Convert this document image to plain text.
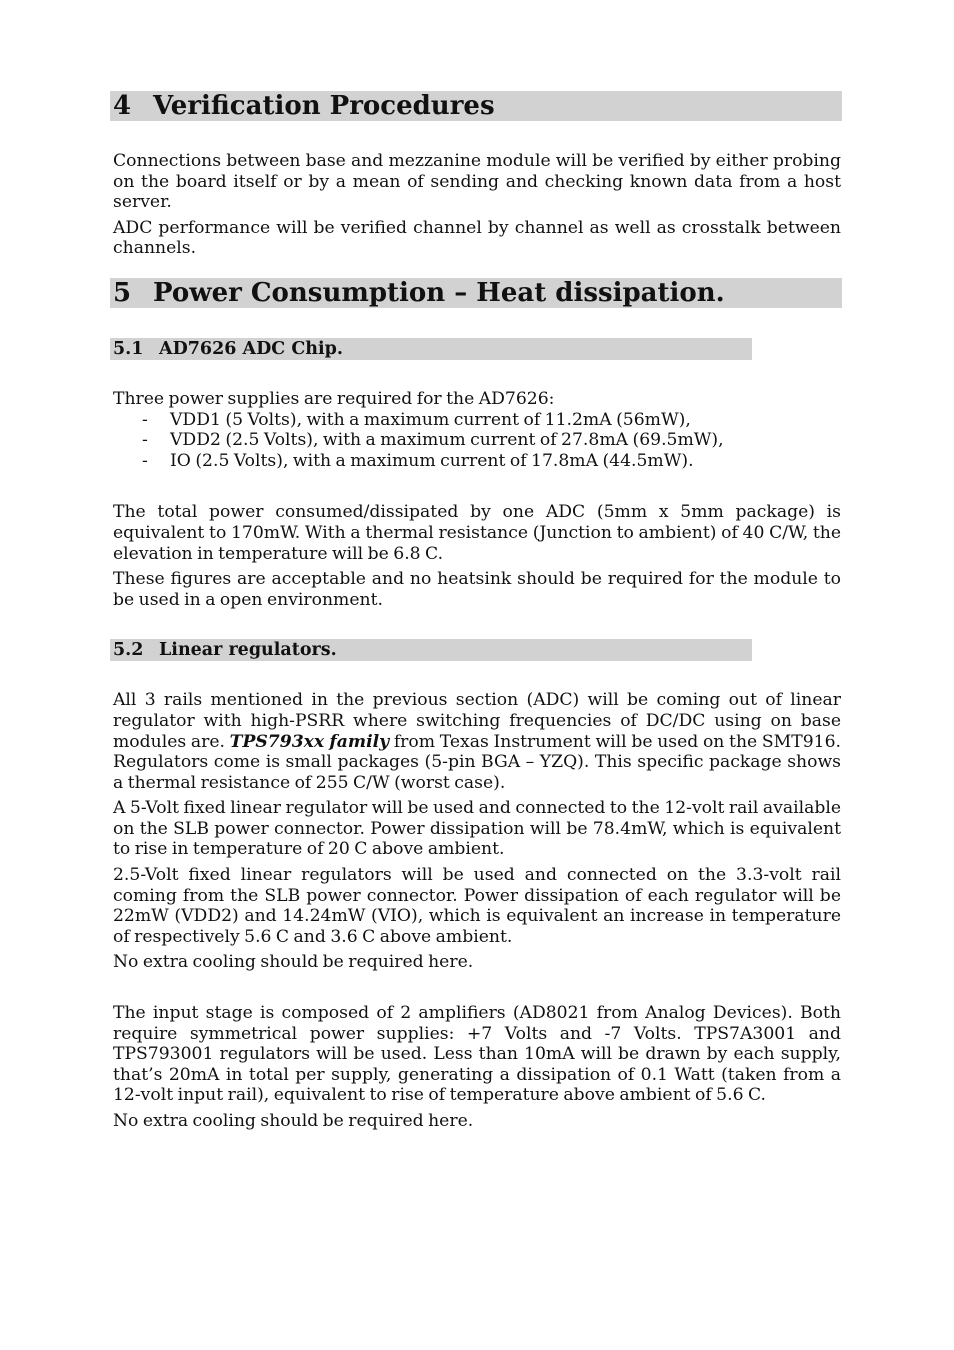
4 Verification Procedures

Connections between base and mezzanine module will be verified by either probing on the board itself or by a mean of sending and checking known data from a host server.

ADC performance will be verified channel by channel as well as crosstalk between channels.

5 Power Consumption – Heat dissipation.
5.1 AD7626 ADC Chip.

Three power supplies are required for the AD7626:

- VDD1 (5 Volts), with a maximum current of 11.2mA (56mW),
- VDD2 (2.5 Volts), with a maximum current of 27.8mA (69.5mW),
- IO (2.5 Volts), with a maximum current of 17.8mA (44.5mW).

The total power consumed/dissipated by one ADC (5mm x 5mm package) is equivalent to 170mW. With a thermal resistance (Junction to ambient) of 40 C/W, the elevation in temperature will be 6.8 C.

These figures are acceptable and no heatsink should be required for the module to be used in a open environment.

5.2 Linear regulators.

All 3 rails mentioned in the previous section (ADC) will be coming out of linear regulator with high-PSRR where switching frequencies of DC/DC using on base modules are. TPS793xx family from Texas Instrument will be used on the SMT916. Regulators come is small packages (5-pin BGA – YZQ). This specific package shows a thermal resistance of 255 C/W (worst case).

A 5-Volt fixed linear regulator will be used and connected to the 12-volt rail available on the SLB power connector. Power dissipation will be 78.4mW, which is equivalent to rise in temperature of 20 C above ambient.

2.5-Volt fixed linear regulators will be used and connected on the 3.3-volt rail coming from the SLB power connector. Power dissipation of each regulator will be 22mW (VDD2) and 14.24mW (VIO), which is equivalent an increase in temperature of respectively 5.6 C and 3.6 C above ambient.

No extra cooling should be required here.

The input stage is composed of 2 amplifiers (AD8021 from Analog Devices). Both require symmetrical power supplies: +7 Volts and -7 Volts. TPS7A3001 and TPS793001 regulators will be used. Less than 10mA will be drawn by each supply, that’s 20mA in total per supply, generating a dissipation of 0.1 Watt (taken from a 12-volt input rail), equivalent to rise of temperature above ambient of 5.6 C.

No extra cooling should be required here.
